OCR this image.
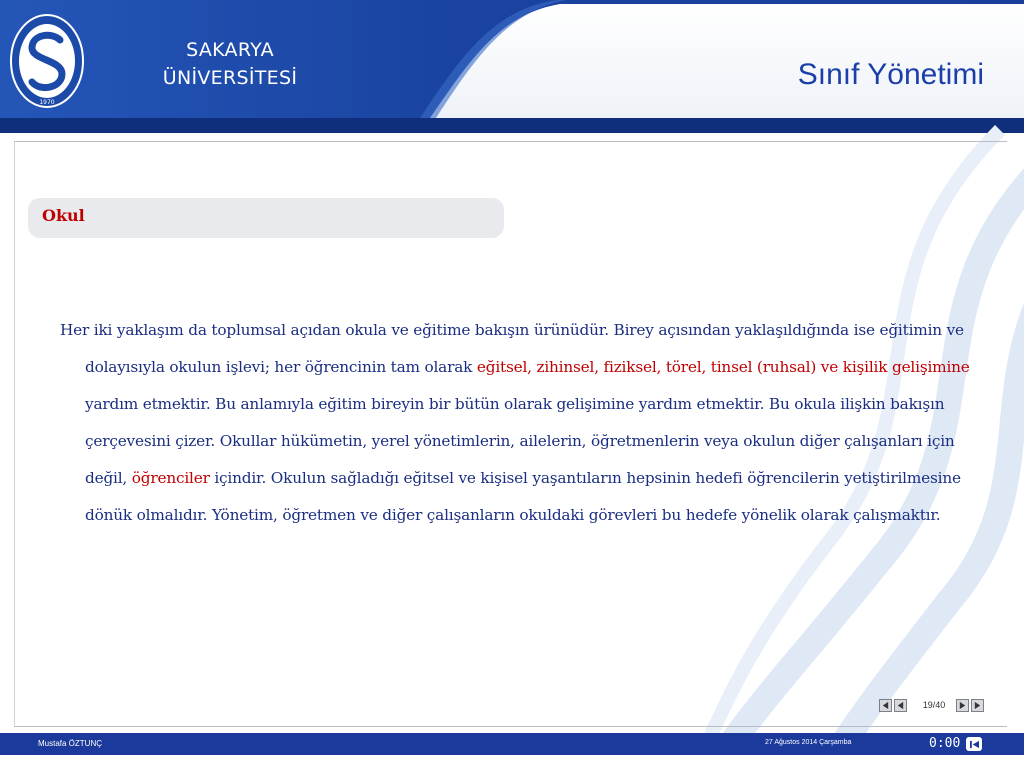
1970
SAKARYA
ÜNİVERSİTESİ	Sınıf Yönetimi
Okul

Her iki yaklaşım da toplumsal açıdan okula ve eğitime bakışın ürünüdür. Birey açısından yaklaşıldığında ise eğitimin ve dolayısıyla okulun işlevi; her öğrencinin tam olarak eğitsel, zihinsel, fiziksel, törel, tinsel (ruhsal) ve kişilik gelişimine yardım etmektir. Bu anlamıyla eğitim bireyin bir bütün olarak gelişimine yardım etmektir. Bu okula ilişkin bakışın çerçevesini çizer. Okullar hükümetin, yerel yönetimlerin, ailelerin, öğretmenlerin veya okulun diğer çalışanları için değil, öğrenciler içindir. Okulun sağladığı eğitsel ve kişisel yaşantıların hepsinin hedefi öğrencilerin yetiştirilmesine dönük olmalıdır. Yönetim, öğretmen ve diğer çalışanların okuldaki görevleri bu hedefe yönelik olarak çalışmaktır.

19/40
Mustafa ÖZTUNÇ	27 Ağustos 2014 Çarşamba	0:00
